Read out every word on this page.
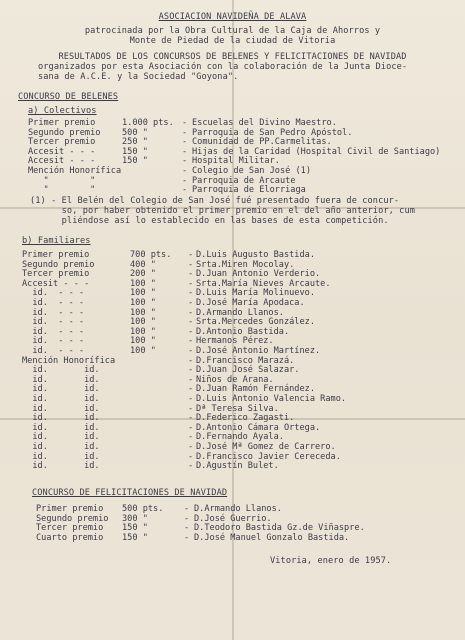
ASOCIACION NAVIDEÑA DE ALAVA
patrocinada por la Obra Cultural de la Caja de Ahorros y
Monte de Piedad de la ciudad de Vitoria
RESULTADOS DE LOS CONCURSOS DE BELENES Y FELICITACIONES DE NAVIDAD
organizados por esta Asociación con la colaboración de la Junta Dioce-
sana de A.C.E. y la Sociedad "Goyona".
CONCURSO DE BELENES
a) Colectivos
Primer premio	1.000 pts. - Escuelas del Divino Maestro.
Segundo premio	500 "	- Parroquia de San Pedro Apóstol.
Tercer premio	250 "	- Comunidad de PP.Carmelitas.
Accesit - - -	150 "	- Hijas de la Caridad (Hospital Civil de Santiago)
Accesit - - -	150 "	- Hospital Militar.
Mención Honorífica	- Colegio de San José (1)
"        "	- Parroquia de Arcaute
"        "	- Parroquia de Elorriaga
(1) - El Belén del Colegio de San José fué presentado fuera de concur-
so, por haber obtenido el primer premio en el del año anterior, cum
pliéndose así lo establecido en las bases de esta competición.
b) Familiares
Primer premio	700 pts. - D.Luis Augusto Bastida.
Segundo premio	400 "	- Srta.Miren Mocolay.
Tercer premio	200 "	- D.Juan Antonio Verderio.
Accesit - - -	100 "	- Srta.María Nieves Arcaute.
id.  - - -	100 "	- D.Luis María Molinuevo.
id.  - - -	100 "	- D.José María Apodaca.
id.  - - -	100 "	- D.Armando Llanos.
id.  - - -	100 "	- Srta.Mercedes González.
id.  - - -	100 "	- D.Antonio Bastida.
id.  - - -	100 "	- Hermanos Pérez.
id.  - - -	100 "	- D.José Antonio Martínez.
Mención Honorífica	- D.Francisco Marazá.
id.       id.	- D.Juan José Salazar.
id.       id.	- Niños de Arana.
id.       id.	- D.Juan Ramón Fernández.
id.       id.	- D.Luis Antonio Valencia Ramo.
id.       id.	- Dª Teresa Silva.
id.       id.	- D.Federico Zagasti.
id.       id.	- D.Antonio Cámara Ortega.
id.       id.	- D.Fernando Ayala.
id.       id.	- D.José Mª Gomez de Carrero.
id.       id.	- D.Francisco Javier Cereceda.
id.       id.	- D.Agustín Bulet.
CONCURSO DE FELICITACIONES DE NAVIDAD
Primer premio 500 pts. - D.Armando Llanos.
Segundo premio 300 "	- D.José Guerrio.
Tercer premio 150 "	- D.Teodoro Bastida Gz.de Viñaspre.
Cuarto premio 150 "	- D.José Manuel Gonzalo Bastida.
Vitoria, enero de 1957.
